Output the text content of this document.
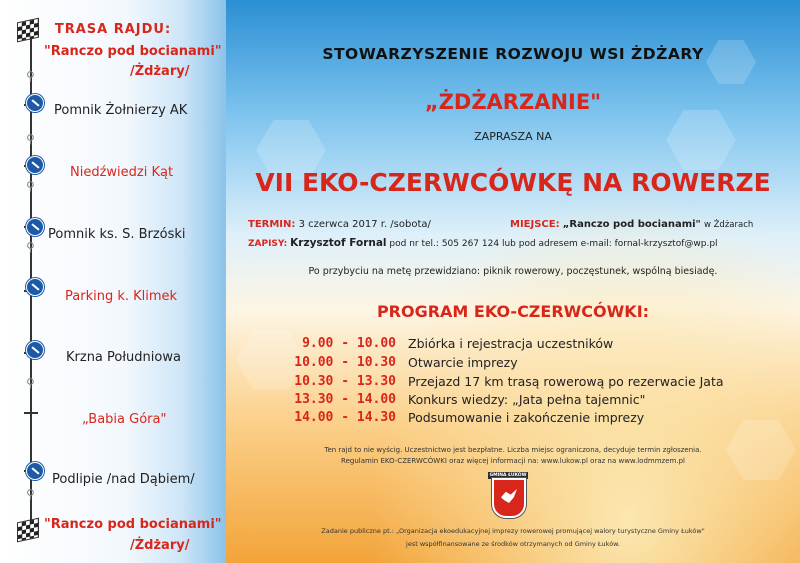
TRASA RAJDU:
"Ranczo pod bocianami"
/Żdżary/
⚲
Pomnik Żołnierzy AK
⚲
Niedźwiedzi Kąt
⚲
Pomnik ks. S. Brzóski
⚲
Parking k. Klimek
Krzna Południowa
⚲
„Babia Góra"
Podlipie /nad Dąbiem/
⚲
"Ranczo pod bocianami"
/Żdżary/
STOWARZYSZENIE ROZWOJU WSI ŻDŻARY
„ŻDŻARZANIE"
ZAPRASZA NA
VII EKO-CZERWCÓWKĘ NA ROWERZE
TERMIN: 3 czerwca 2017 r. /sobota/	MIEJSCE: „Ranczo pod bocianami" w Żdżarach
ZAPISY: Krzysztof Fornal pod nr tel.: 505 267 124 lub pod adresem e-mail: fornal-krzysztof@wp.pl
Po przybyciu na metę przewidziano: piknik rowerowy, poczęstunek, wspólną biesiadę.
PROGRAM EKO-CZERWCÓWKI:
9.00 - 10.00 Zbiórka i rejestracja uczestników
10.00 - 10.30 Otwarcie imprezy
10.30 - 13.30 Przejazd 17 km trasą rowerową po rezerwacie Jata
13.30 - 14.00 Konkurs wiedzy: „Jata pełna tajemnic"
14.00 - 14.30 Podsumowanie i zakończenie imprezy
Ten rajd to nie wyścig. Uczestnictwo jest bezpłatne. Liczba miejsc ograniczona, decyduje termin zgłoszenia.
Regulamin EKO-CZERWCÓWKI oraz więcej informacji na: www.lukow.pl oraz na www.lodmmzem.pl
GMINA ŁUKÓW
Zadanie publiczne pt.: „Organizacja ekoedukacyjnej imprezy rowerowej promującej walory turystyczne Gminy Łuków"
jest współfinansowane ze środków otrzymanych od Gminy Łuków.
